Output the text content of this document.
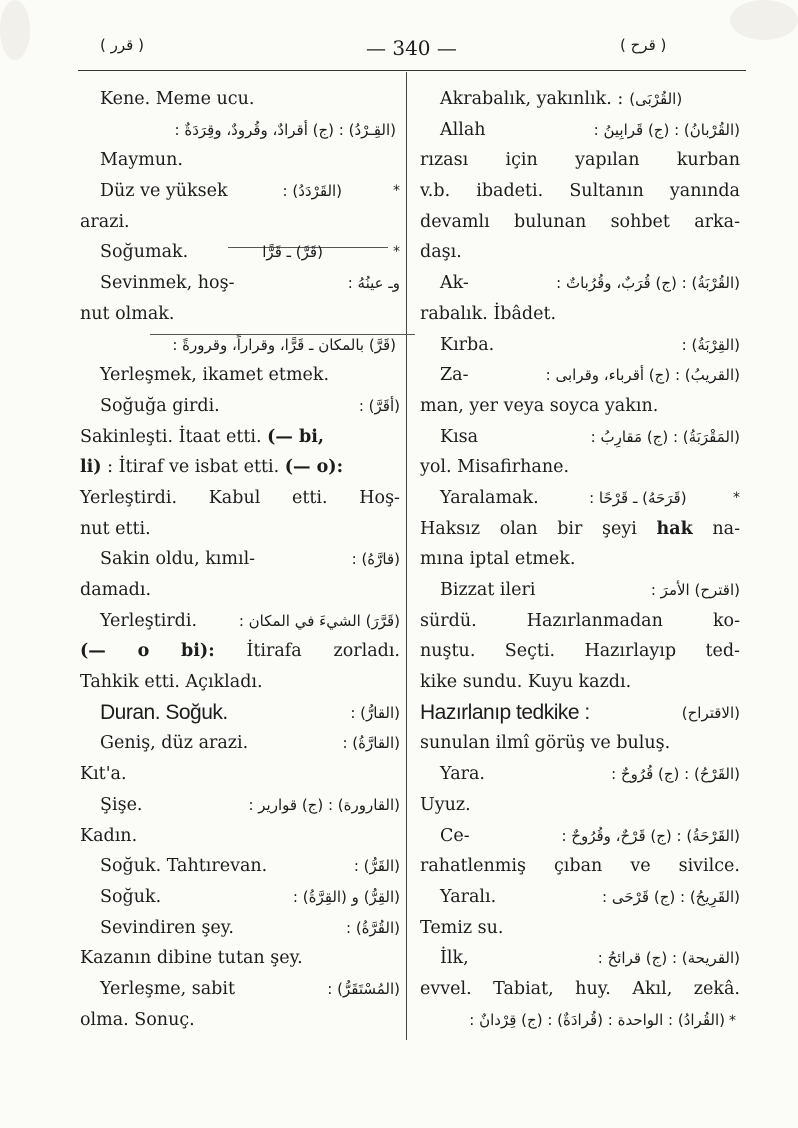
( قرر )	— 340 —	( قرح )
Kene. Meme ucu.
(القِـرْدُ) : (ج) أقرادٌ، وقُرودٌ، وقِرَدَةٌ :
Maymun.
Düz ve yüksek	(القَرْدَدُ) :	*
arazi.
Soğumak.	(قَرَّ) ـ قَرًّا	*
Sevinmek, hoş-	وـ عينُهُ :
nut olmak.
(قَرَّ) بالمكان ـ قَرًّا، وقراراً، وقرورةً :
Yerleşmek, ikamet etmek.
Soğuğa girdi.	(أقَرَّ) :
Sakinleşti. İtaat etti. (— bi,
li) : İtiraf ve isbat etti. (— o):
Yerleştirdi. Kabul etti. Hoş-
nut etti.
Sakin oldu, kımıl-	(قارَّهُ) :
damadı.
Yerleştirdi.	(قَرَّرَ) الشيءَ في المكان :
(— o bi): İtirafa zorladı.
Tahkik etti. Açıkladı.
Duran. Soğuk.	(القارُّ) :
Geniş, düz arazi.	(القارَّةُ) :
Kıt'a.
Şişe.	(القارورة) : (ج) قوارير :
Kadın.
Soğuk. Tahtırevan.	(القَرُّ) :
Soğuk.	(القِرُّ) و (القِرَّةُ) :
Sevindiren şey.	(القُرَّةُ) :
Kazanın dibine tutan şey.
Yerleşme, sabit	(المُسْتَقَرُّ) :
olma. Sonuç.
Akrabalık, yakınlık. : (القُرْبَى)
Allah	(القُرْبانُ) : (ج) قَرابِينُ :
rızası için yapılan kurban
v.b. ibadeti. Sultanın yanında
devamlı bulunan sohbet arka-
daşı.
Ak-	(القُرْبَةُ) : (ج) قُرَبٌ، وقُرُباتٌ :
rabalık. İbâdet.
Kırba.	(القِرْبَةُ) :
Za-	(القريبُ) : (ج) أقرباء، وقرابى :
man, yer veya soyca yakın.
Kısa	(المَقْرَبَةُ) : (ج) مَقارِبُ :
yol. Misafirhane.
Yaralamak.	(قَرَحَهُ) ـ قَرْحًا :	*
Haksız olan bir şeyi hak na-
mına iptal etmek.
Bizzat ileri	(اقترح) الأمرَ :
sürdü.	Hazırlanmadan	ko-
nuştu. Seçti. Hazırlayıp ted-
kike sundu. Kuyu kazdı.
Hazırlanıp tedkike :	(الاقتراح)
sunulan ilmî görüş ve buluş.
Yara.	(القَرْحُ) : (ج) قُرُوحٌ :
Uyuz.
Ce-	(القَرْحَةُ) : (ج) قَرْحٌ، وقُرُوحٌ :
rahatlenmiş çıban ve sivilce.
Yaralı.	(القَرِيحُ) : (ج) قَرْحَى :
Temiz su.
İlk,	(القريحة) : (ج) قرائحُ :
evvel. Tabiat, huy. Akıl, zekâ.
(القُرادُ) : الواحدة : (قُرادَةٌ) : (ج) قِرْدانٌ : *
